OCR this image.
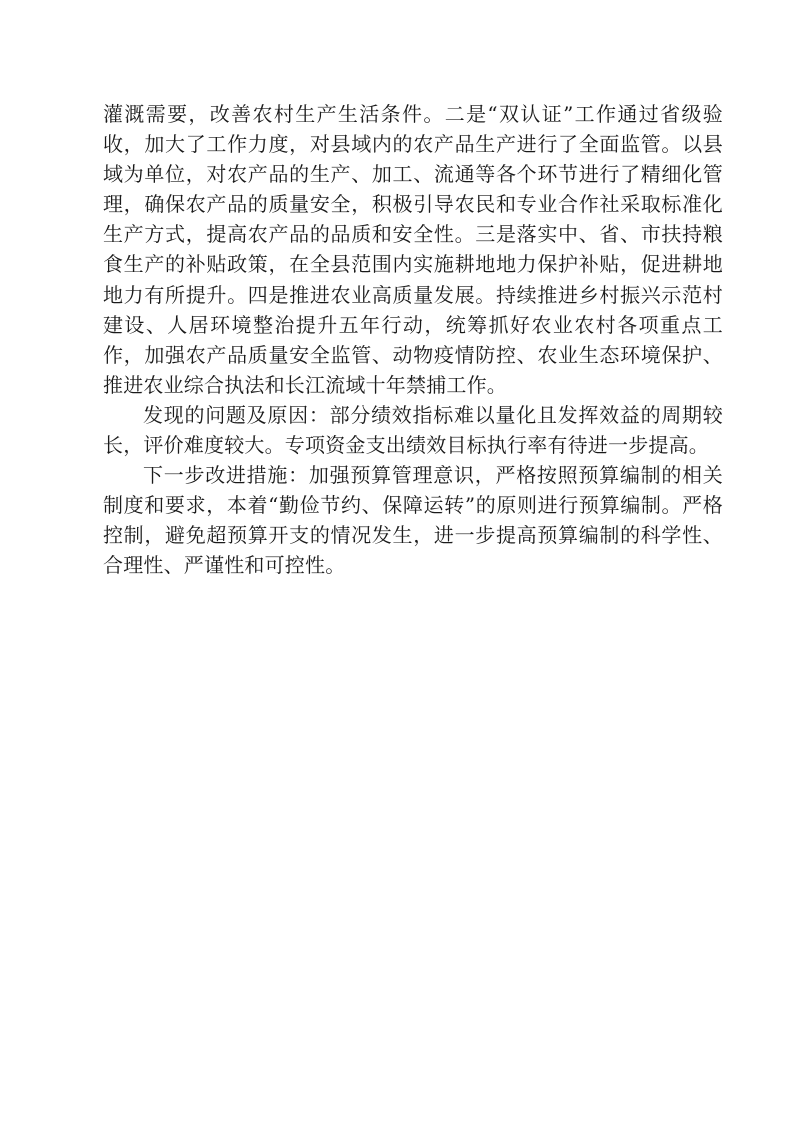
灌溉需要，改善农村生产生活条件。二是“双认证”工作通过省级验收，加大了工作力度，对县域内的农产品生产进行了全面监管。以县域为单位，对农产品的生产、加工、流通等各个环节进行了精细化管理，确保农产品的质量安全，积极引导农民和专业合作社采取标准化生产方式，提高农产品的品质和安全性。三是落实中、省、市扶持粮食生产的补贴政策，在全县范围内实施耕地地力保护补贴，促进耕地地力有所提升。四是推进农业高质量发展。持续推进乡村振兴示范村建设、人居环境整治提升五年行动，统筹抓好农业农村各项重点工作，加强农产品质量安全监管、动物疫情防控、农业生态环境保护、推进农业综合执法和长江流域十年禁捕工作。

发现的问题及原因：部分绩效指标难以量化且发挥效益的周期较长，评价难度较大。专项资金支出绩效目标执行率有待进一步提高。

下一步改进措施：加强预算管理意识，严格按照预算编制的相关制度和要求，本着“勤俭节约、保障运转”的原则进行预算编制。严格控制，避免超预算开支的情况发生，进一步提高预算编制的科学性、合理性、严谨性和可控性。
